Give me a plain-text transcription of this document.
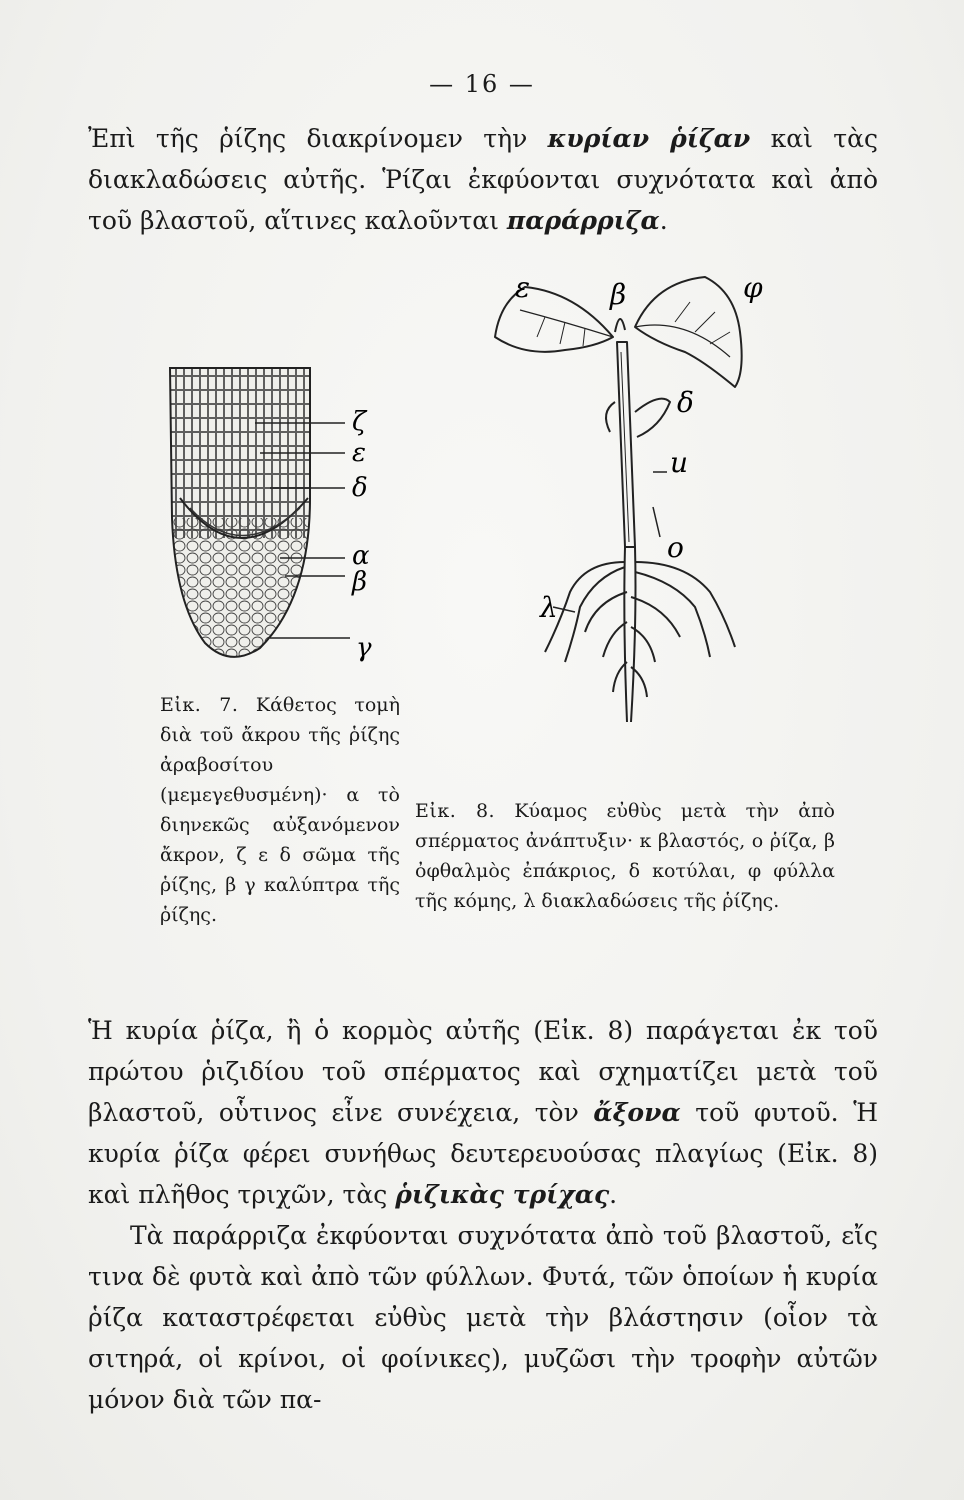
— 16 —

Ἐπὶ τῆς ῥίζης διακρίνομεν τὴν κυρίαν ῥίζαν καὶ τὰς διακλαδώσεις αὐτῆς. Ῥίζαι ἐκφύονται συχνότατα καὶ ἀπὸ τοῦ βλαστοῦ, αἵτινες καλοῦνται παράρριζα.

ζ
ε
δ
α
β
γ
Εἰκ. 7. Κάθετος τομὴ διὰ τοῦ ἄκρου τῆς ῥίζης ἀραβοσίτου (μεμεγεθυσμένη)· α τὸ διηνεκῶς αὐξανόμενον ἄκρον, ζ ε δ σῶμα τῆς ῥίζης, β γ καλύπτρα τῆς ῥίζης.
ε	β	φ
δ
u
ο
λ
Εἰκ. 8. Κύαμος εὐθὺς μετὰ τὴν ἀπὸ σπέρματος ἀνάπτυξιν· κ βλαστός, ο ῥίζα, β ὀφθαλμὸς ἐπάκριος, δ κοτύλαι, φ φύλλα τῆς κόμης, λ διακλαδώσεις τῆς ῥίζης.

Ἡ κυρία ῥίζα, ἢ ὁ κορμὸς αὐτῆς (Εἰκ. 8) παράγεται ἐκ τοῦ πρώτου ῥιζιδίου τοῦ σπέρματος καὶ σχηματίζει μετὰ τοῦ βλαστοῦ, οὗτινος εἶνε συνέχεια, τὸν ἄξονα τοῦ φυτοῦ. Ἡ κυρία ῥίζα φέρει συνήθως δευτερευούσας πλαγίως (Εἰκ. 8) καὶ πλῆθος τριχῶν, τὰς ῥιζικὰς τρίχας.

Τὰ παράρριζα ἐκφύονται συχνότατα ἀπὸ τοῦ βλαστοῦ, εἴς τινα δὲ φυτὰ καὶ ἀπὸ τῶν φύλλων. Φυτά, τῶν ὁποίων ἡ κυρία ῥίζα καταστρέφεται εὐθὺς μετὰ τὴν βλάστησιν (οἷον τὰ σιτηρά, οἱ κρίνοι, οἱ φοίνικες), μυζῶσι τὴν τροφὴν αὐτῶν μόνον διὰ τῶν πα-
